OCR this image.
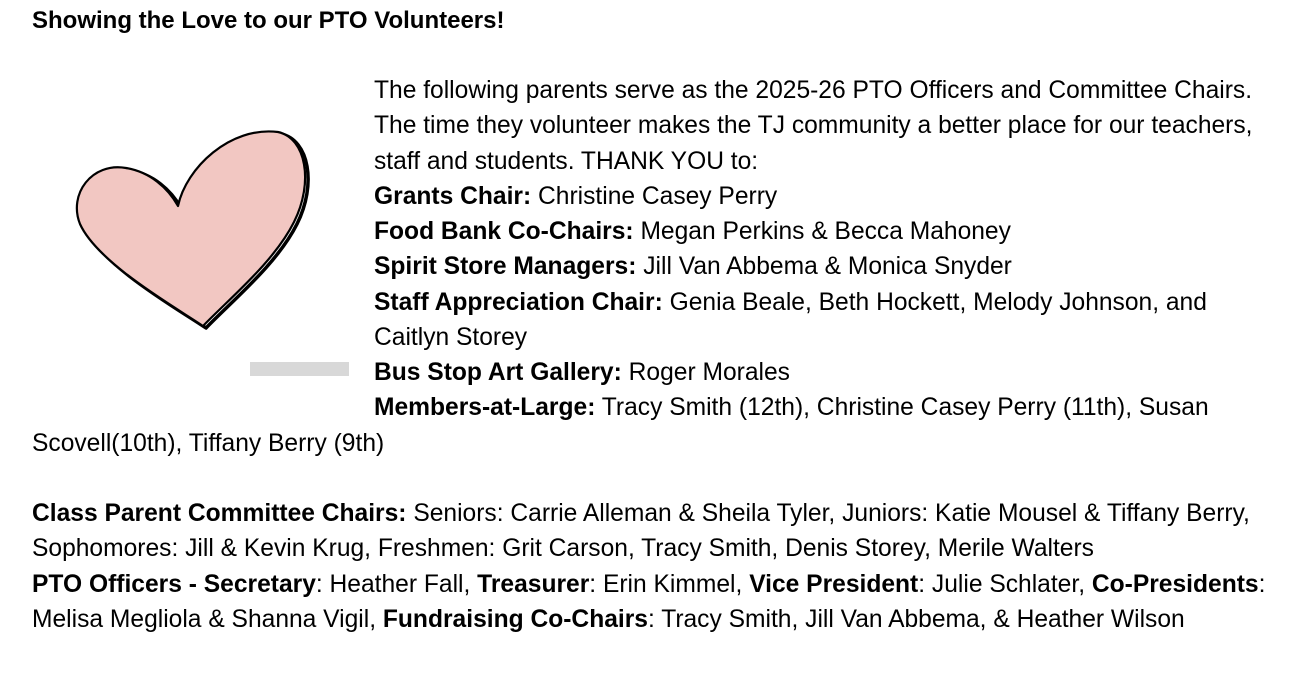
Showing the Love to our PTO Volunteers!
The following parents serve as the 2025-26 PTO Officers and Committee Chairs. The time they volunteer makes the TJ community a better place for our teachers, staff and students. THANK YOU to:
Grants Chair: Christine Casey Perry
Food Bank Co-Chairs: Megan Perkins & Becca Mahoney
Spirit Store Managers: Jill Van Abbema & Monica Snyder
Staff Appreciation Chair: Genia Beale, Beth Hockett, Melody Johnson, and Caitlyn Storey
Bus Stop Art Gallery: Roger Morales
Members-at-Large: Tracy Smith (12th), Christine Casey Perry (11th), Susan Scovell(10th), Tiffany Berry (9th)
Class Parent Committee Chairs: Seniors: Carrie Alleman & Sheila Tyler, Juniors: Katie Mousel & Tiffany Berry, Sophomores: Jill & Kevin Krug, Freshmen: Grit Carson, Tracy Smith, Denis Storey, Merile Walters
PTO Officers - Secretary: Heather Fall, Treasurer: Erin Kimmel, Vice President: Julie Schlater, Co-Presidents: Melisa Megliola & Shanna Vigil, Fundraising Co-Chairs: Tracy Smith, Jill Van Abbema, & Heather Wilson
